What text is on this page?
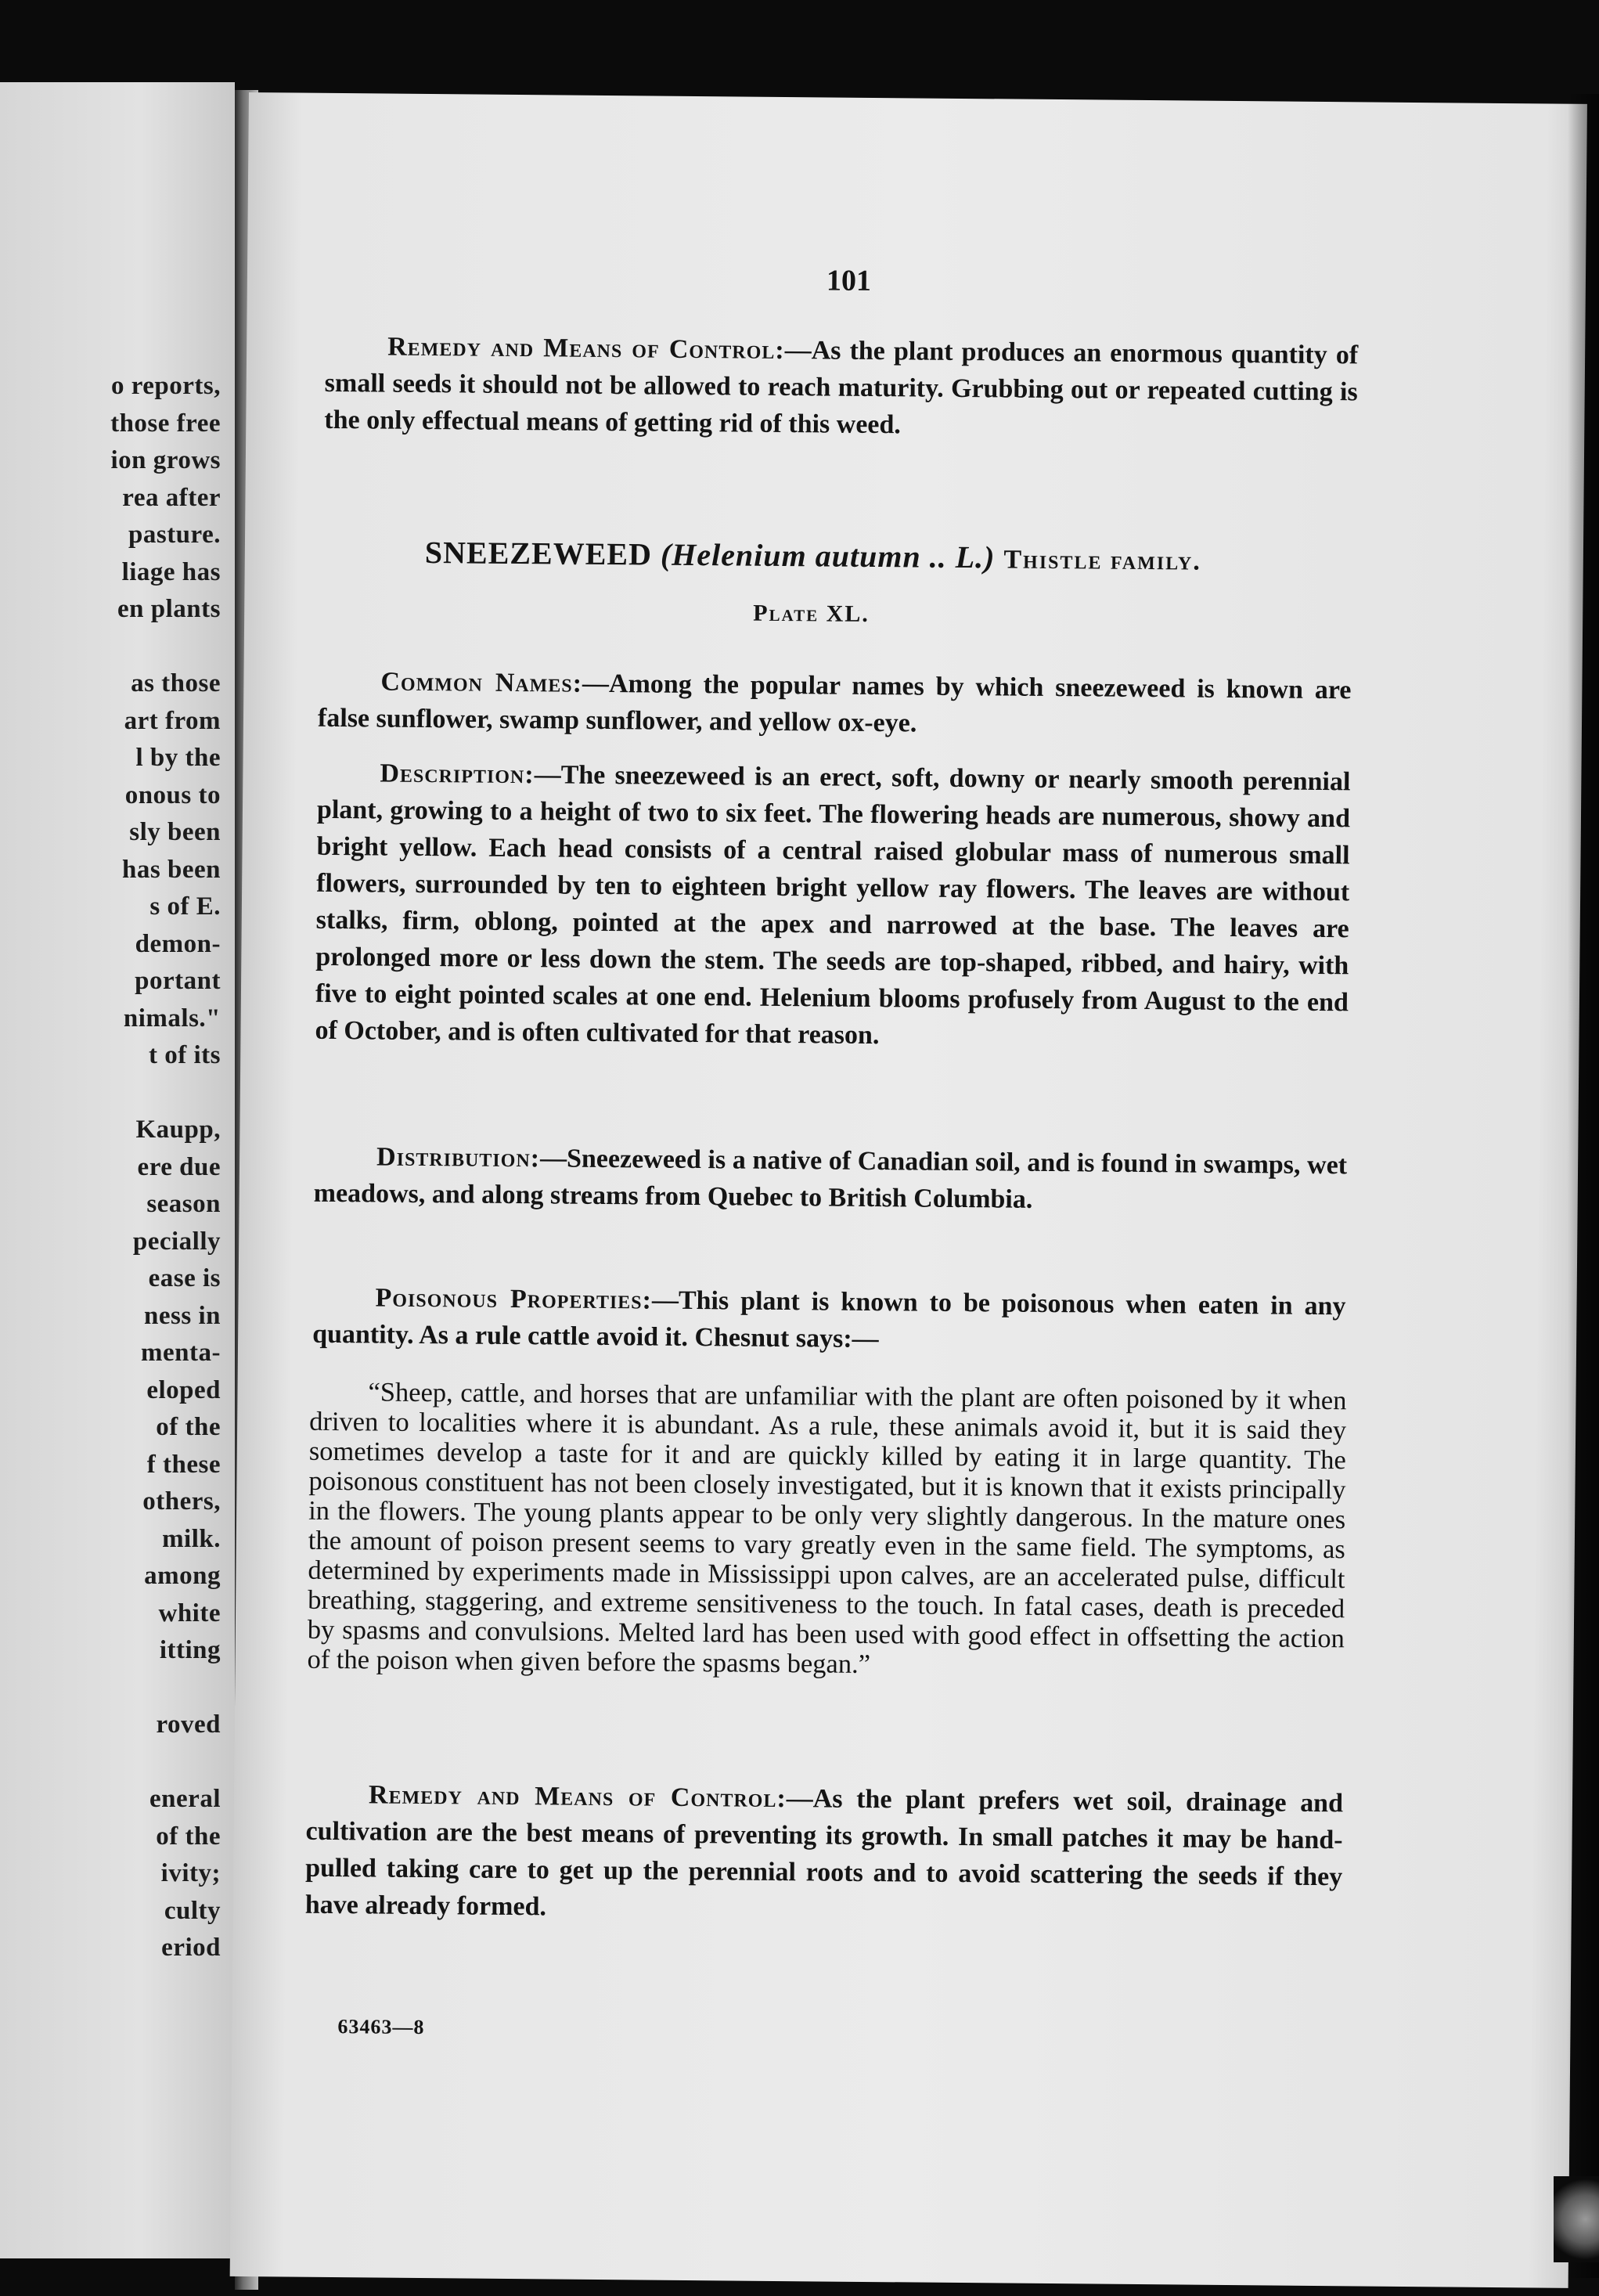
o reports,
those free
ion grows
rea after
pasture.
liage has
en plants
as those
art from
l by the
onous to
sly been
has been
s of E.
demon-
portant
nimals."
t of its
Kaupp,
ere due
season
pecially
ease is
ness in
menta-
eloped
of the
f these
others,
milk.
among
white
itting
roved
eneral
of the
ivity;
culty
eriod
101

Remedy and Means of Control:—As the plant produces an enormous quantity of small seeds it should not be allowed to reach maturity. Grubbing out or repeated cutting is the only effectual means of getting rid of this weed.

SNEEZEWEED (Helenium autumn .. L.) Thistle family.
Plate XL.

Common Names:—Among the popular names by which sneezeweed is known are false sunflower, swamp sunflower, and yellow ox-eye.

Description:—The sneezeweed is an erect, soft, downy or nearly smooth perennial plant, growing to a height of two to six feet. The flowering heads are numerous, showy and bright yellow. Each head consists of a central raised globular mass of numerous small flowers, surrounded by ten to eighteen bright yellow ray flowers. The leaves are without stalks, firm, oblong, pointed at the apex and narrowed at the base. The leaves are prolonged more or less down the stem. The seeds are top-shaped, ribbed, and hairy, with five to eight pointed scales at one end. Helenium blooms profusely from August to the end of October, and is often cultivated for that reason.

Distribution:—Sneezeweed is a native of Canadian soil, and is found in swamps, wet meadows, and along streams from Quebec to British Columbia.

Poisonous Properties:—This plant is known to be poisonous when eaten in any quantity. As a rule cattle avoid it. Chesnut says:—

“Sheep, cattle, and horses that are unfamiliar with the plant are often poisoned by it when driven to localities where it is abundant. As a rule, these animals avoid it, but it is said they sometimes develop a taste for it and are quickly killed by eating it in large quantity. The poisonous constituent has not been closely investigated, but it is known that it exists principally in the flowers. The young plants appear to be only very slightly dangerous. In the mature ones the amount of poison present seems to vary greatly even in the same field. The symptoms, as determined by experiments made in Mississippi upon calves, are an accelerated pulse, difficult breathing, staggering, and extreme sensitiveness to the touch. In fatal cases, death is preceded by spasms and convulsions. Melted lard has been used with good effect in offsetting the action of the poison when given before the spasms began.”

Remedy and Means of Control:—As the plant prefers wet soil, drainage and cultivation are the best means of preventing its growth. In small patches it may be hand-pulled taking care to get up the perennial roots and to avoid scattering the seeds if they have already formed.

63463—8
